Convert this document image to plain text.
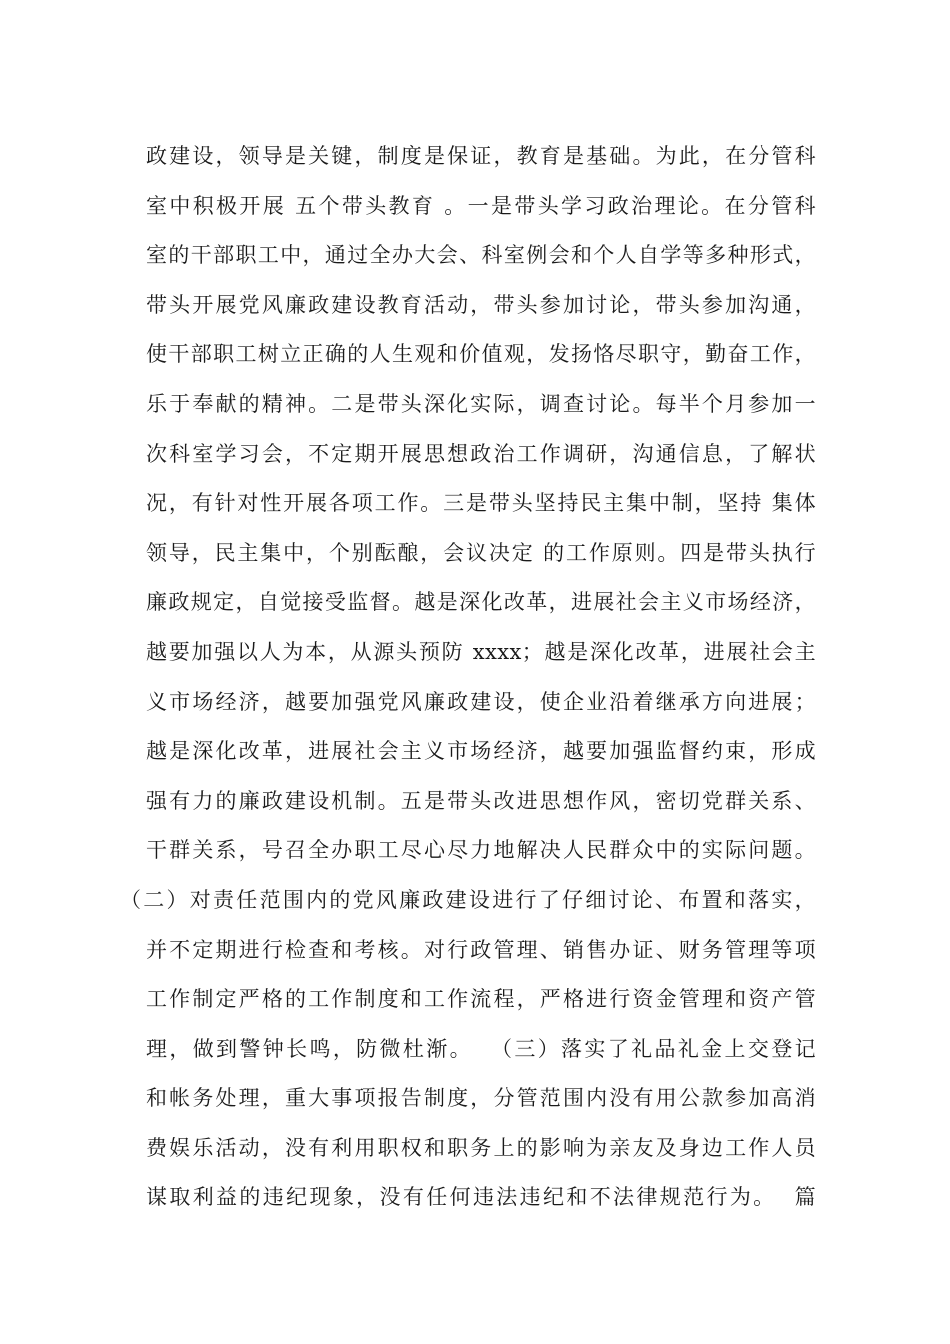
政建设，领导是关键，制度是保证，教育是基础。为此，在分管科
室中积极开展 五个带头教育 。一是带头学习政治理论。在分管科
室的干部职工中，通过全办大会、科室例会和个人自学等多种形式，
带头开展党风廉政建设教育活动，带头参加讨论，带头参加沟通，
使干部职工树立正确的人生观和价值观，发扬恪尽职守，勤奋工作，
乐于奉献的精神。二是带头深化实际，调查讨论。每半个月参加一
次科室学习会，不定期开展思想政治工作调研，沟通信息，了解状
况，有针对性开展各项工作。三是带头坚持民主集中制，坚持 集体
领导，民主集中，个别酝酿，会议决定 的工作原则。四是带头执行
廉政规定，自觉接受监督。越是深化改革，进展社会主义市场经济，
越要加强以人为本，从源头预防 xxxx；越是深化改革，进展社会主
义市场经济，越要加强党风廉政建设，使企业沿着继承方向进展；
越是深化改革，进展社会主义市场经济，越要加强监督约束，形成
强有力的廉政建设机制。五是带头改进思想作风，密切党群关系、
干群关系，号召全办职工尽心尽力地解决人民群众中的实际问题。
（二）对责任范围内的党风廉政建设进行了仔细讨论、布置和落实，
并不定期进行检查和考核。对行政管理、销售办证、财务管理等项
工作制定严格的工作制度和工作流程，严格进行资金管理和资产管
理，做到警钟长鸣，防微杜渐。  （三）落实了礼品礼金上交登记
和帐务处理，重大事项报告制度，分管范围内没有用公款参加高消
费娱乐活动，没有利用职权和职务上的影响为亲友及身边工作人员
谋取利益的违纪现象，没有任何违法违纪和不法律规范行为。  篇
